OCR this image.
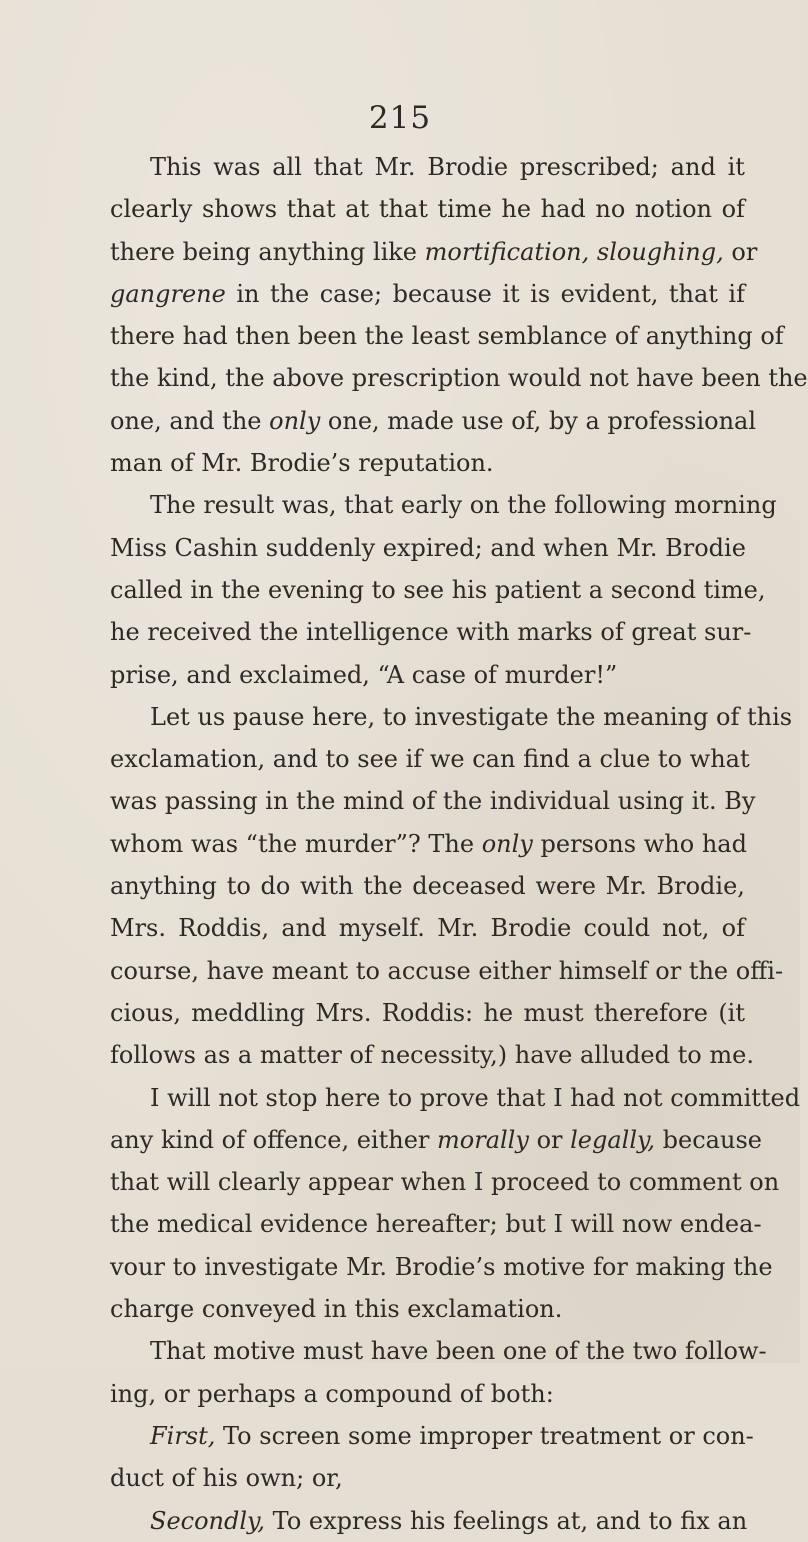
215
This was all that Mr. Brodie prescribed; and it
clearly shows that at that time he had no notion of
there being anything like mortification, sloughing, or
gangrene in the case; because it is evident, that if
there had then been the least semblance of anything of
the kind, the above prescription would not have been the
one, and the only one, made use of, by a professional
man of Mr. Brodie’s reputation.
The result was, that early on the following morning
Miss Cashin suddenly expired; and when Mr. Brodie
called in the evening to see his patient a second time,
he received the intelligence with marks of great sur-
prise, and exclaimed, “A case of murder!”
Let us pause here, to investigate the meaning of this
exclamation, and to see if we can find a clue to what
was passing in the mind of the individual using it. By
whom was “the murder”? The only persons who had
anything to do with the deceased were Mr. Brodie,
Mrs. Roddis, and myself. Mr. Brodie could not, of
course, have meant to accuse either himself or the offi-
cious, meddling Mrs. Roddis: he must therefore (it
follows as a matter of necessity,) have alluded to me.
I will not stop here to prove that I had not committed
any kind of offence, either morally or legally, because
that will clearly appear when I proceed to comment on
the medical evidence hereafter; but I will now endea-
vour to investigate Mr. Brodie’s motive for making the
charge conveyed in this exclamation.
That motive must have been one of the two follow-
ing, or perhaps a compound of both:
First, To screen some improper treatment or con-
duct of his own; or,
Secondly, To express his feelings at, and to fix an
